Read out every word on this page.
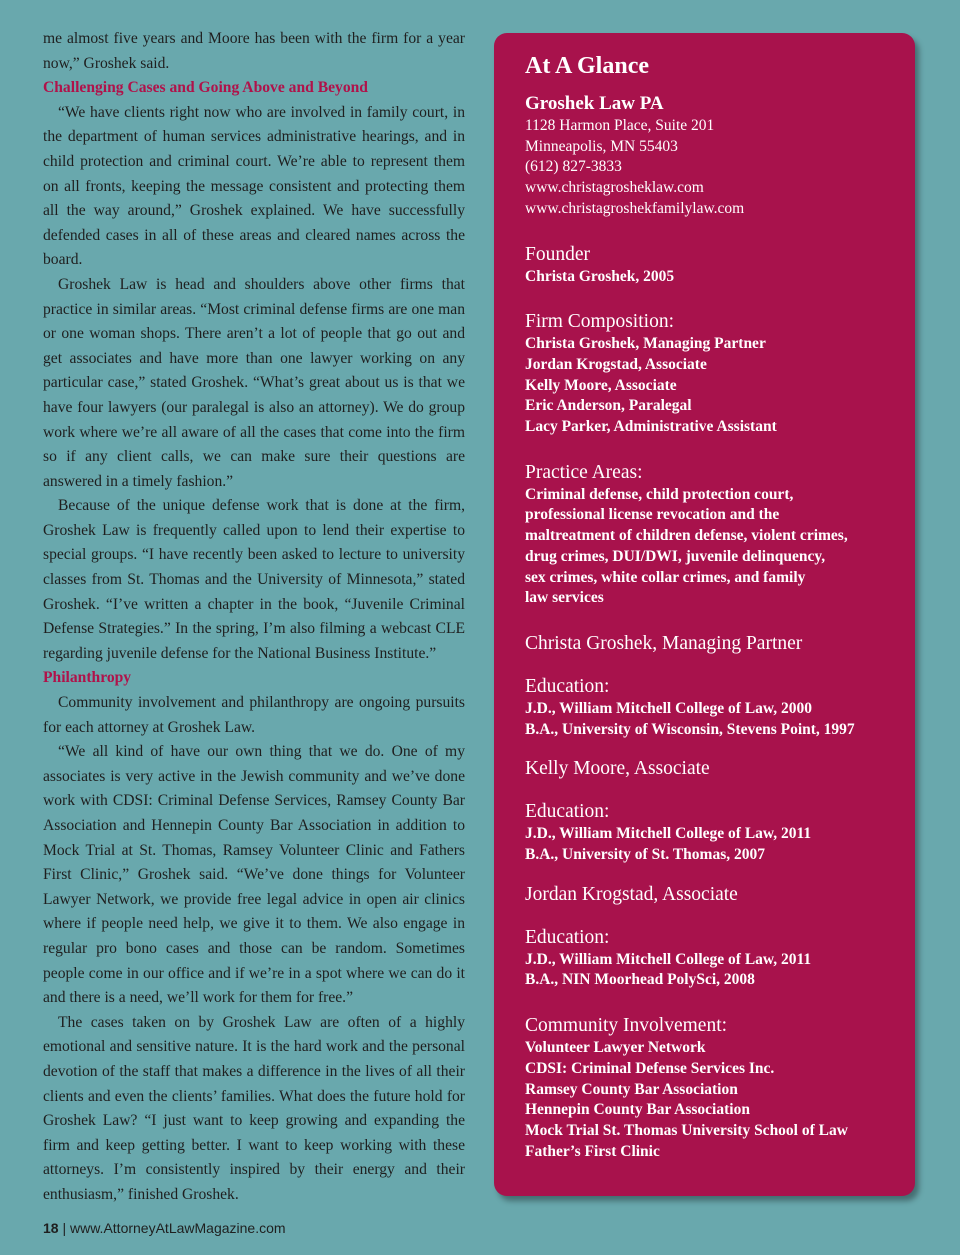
me almost five years and Moore has been with the firm for a year now,” Groshek said.

Challenging Cases and Going Above and Beyond

“We have clients right now who are involved in family court, in the department of human services administrative hearings, and in child protection and criminal court. We’re able to represent them on all fronts, keeping the message consistent and protecting them all the way around,” Groshek explained. We have successfully defended cases in all of these areas and cleared names across the board.

Groshek Law is head and shoulders above other firms that practice in similar areas. “Most criminal defense firms are one man or one woman shops. There aren’t a lot of people that go out and get associates and have more than one lawyer working on any particular case,” stated Groshek. “What’s great about us is that we have four lawyers (our paralegal is also an attorney). We do group work where we’re all aware of all the cases that come into the firm so if any client calls, we can make sure their questions are answered in a timely fashion.”

Because of the unique defense work that is done at the firm, Groshek Law is frequently called upon to lend their expertise to special groups. “I have recently been asked to lecture to university classes from St. Thomas and the University of Minnesota,” stated Groshek. “I’ve written a chapter in the book, “Juvenile Criminal Defense Strategies.” In the spring, I’m also filming a webcast CLE regarding juvenile defense for the National Business Institute.”

Philanthropy

Community involvement and philanthropy are ongoing pursuits for each attorney at Groshek Law.

“We all kind of have our own thing that we do. One of my associates is very active in the Jewish community and we’ve done work with CDSI: Criminal Defense Services, Ramsey County Bar Association and Hennepin County Bar Association in addition to Mock Trial at St. Thomas, Ramsey Volunteer Clinic and Fathers First Clinic,” Groshek said. “We’ve done things for Volunteer Lawyer Network, we provide free legal advice in open air clinics where if people need help, we give it to them. We also engage in regular pro bono cases and those can be random. Sometimes people come in our office and if we’re in a spot where we can do it and there is a need, we’ll work for them for free.”

The cases taken on by Groshek Law are often of a highly emotional and sensitive nature. It is the hard work and the personal devotion of the staff that makes a difference in the lives of all their clients and even the clients’ families. What does the future hold for Groshek Law? “I just want to keep growing and expanding the firm and keep getting better. I want to keep working with these attorneys. I’m consistently inspired by their energy and their enthusiasm,” finished Groshek.

18 | www.AttorneyAtLawMagazine.com
At A Glance
Groshek Law PA
1128 Harmon Place, Suite 201
Minneapolis, MN 55403
(612) 827-3833
www.christagrosheklaw.com
www.christagroshekfamilylaw.com
Founder
Christa Groshek, 2005
Firm Composition:
Christa Groshek, Managing Partner
Jordan Krogstad, Associate
Kelly Moore, Associate
Eric Anderson, Paralegal
Lacy Parker, Administrative Assistant
Practice Areas:
Criminal defense, child protection court,
professional license revocation and the
maltreatment of children defense, violent crimes,
drug crimes, DUI/DWI, juvenile delinquency,
sex crimes, white collar crimes, and family
law services
Christa Groshek, Managing Partner
Education:
J.D., William Mitchell College of Law, 2000
B.A., University of Wisconsin, Stevens Point, 1997
Kelly Moore, Associate
Education:
J.D., William Mitchell College of Law, 2011
B.A., University of St. Thomas, 2007
Jordan Krogstad, Associate
Education:
J.D., William Mitchell College of Law, 2011
B.A., NIN Moorhead PolySci, 2008
Community Involvement:
Volunteer Lawyer Network
CDSI: Criminal Defense Services Inc.
Ramsey County Bar Association
Hennepin County Bar Association
Mock Trial St. Thomas University School of Law
Father’s First Clinic
